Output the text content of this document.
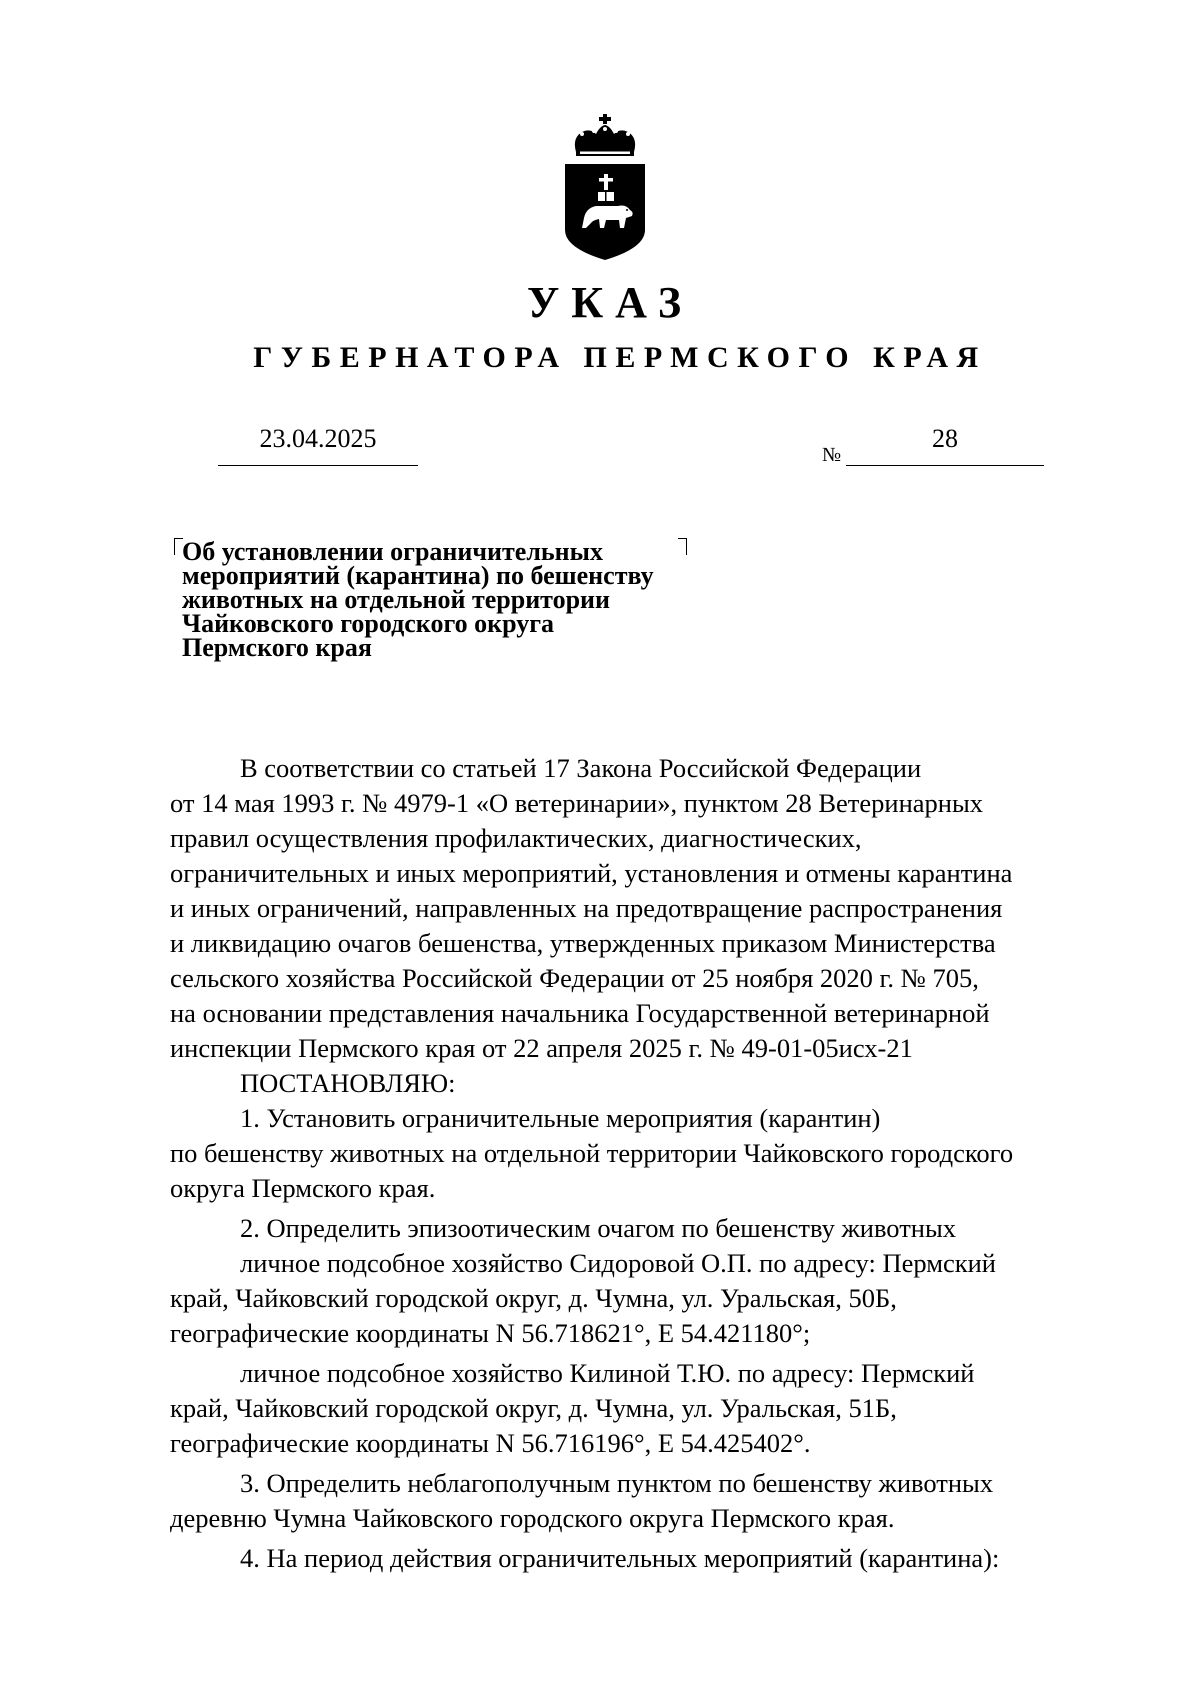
УКАЗ
ГУБЕРНАТОРА ПЕРМСКОГО КРАЯ
23.04.2025
№
28
Об установлении ограничительных
мероприятий (карантина) по бешенству
животных на отдельной территории
Чайковского городского округа
Пермского края

В соответствии со статьей 17 Закона Российской Федерации

от 14 мая 1993 г. № 4979-1 «О ветеринарии», пунктом 28 Ветеринарных

правил осуществления профилактических, диагностических,

ограничительных и иных мероприятий, установления и отмены карантина

и иных ограничений, направленных на предотвращение распространения

и ликвидацию очагов бешенства, утвержденных приказом Министерства

сельского хозяйства Российской Федерации от 25 ноября 2020 г. № 705,

на основании представления начальника Государственной ветеринарной

инспекции Пермского края от 22 апреля 2025 г. № 49-01-05исх-21

ПОСТАНОВЛЯЮ:

1. Установить ограничительные мероприятия (карантин)

по бешенству животных на отдельной территории Чайковского городского

округа Пермского края.

2. Определить эпизоотическим очагом по бешенству животных

личное подсобное хозяйство Сидоровой О.П. по адресу: Пермский

край, Чайковский городской округ, д. Чумна, ул. Уральская, 50Б,

географические координаты N 56.718621°, E 54.421180°;

личное подсобное хозяйство Килиной Т.Ю. по адресу: Пермский

край, Чайковский городской округ, д. Чумна, ул. Уральская, 51Б,

географические координаты N 56.716196°, E 54.425402°.

3. Определить неблагополучным пунктом по бешенству животных

деревню Чумна Чайковского городского округа Пермского края.

4. На период действия ограничительных мероприятий (карантина):
